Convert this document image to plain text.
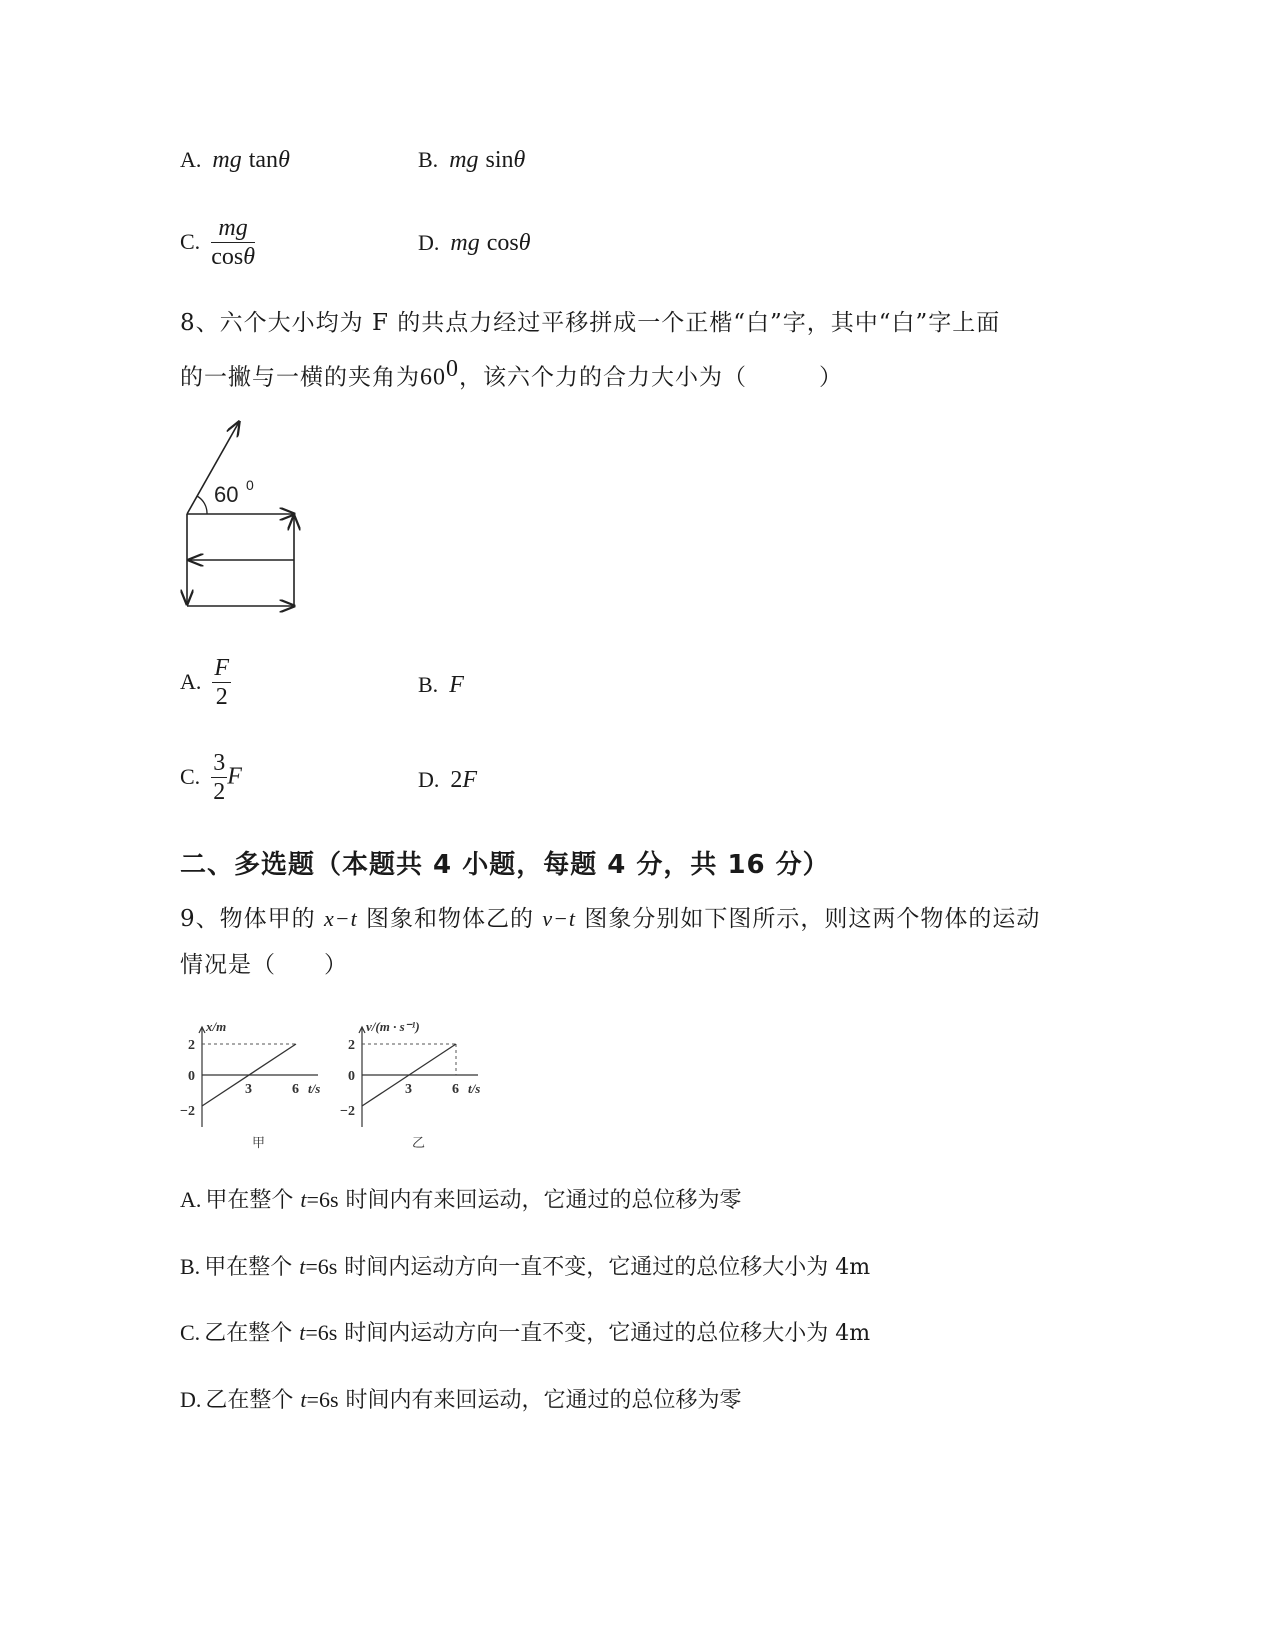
A. mg tanθ	B. mg sinθ
C. $\frac{mg}{\cos\theta}$	D. mg cosθ
8、六个大小均为 F 的共点力经过平移拼成一个正楷“白”字，其中“白”字上面
的一撇与一横的夹角为$60^0$，该六个力的合力大小为（　　　）
60 0
A. $\frac{F}{2}$	B. F
C. $\frac{3}{2}$ F	D. 2F
二、多选题（本题共 4 小题，每题 4 分，共 16 分）
9、物体甲的 x−t 图象和物体乙的 v−t 图象分别如下图所示，则这两个物体的运动
情况是（　　）
x/m
2
0
−2
3	6 t/s
甲
v/(m · s⁻¹)
2
0
−2
3	6 t/s
乙
A. 甲在整个 t=6s 时间内有来回运动，它通过的总位移为零
B. 甲在整个 t=6s 时间内运动方向一直不变，它通过的总位移大小为 4m
C. 乙在整个 t=6s 时间内运动方向一直不变，它通过的总位移大小为 4m
D. 乙在整个 t=6s 时间内有来回运动，它通过的总位移为零
